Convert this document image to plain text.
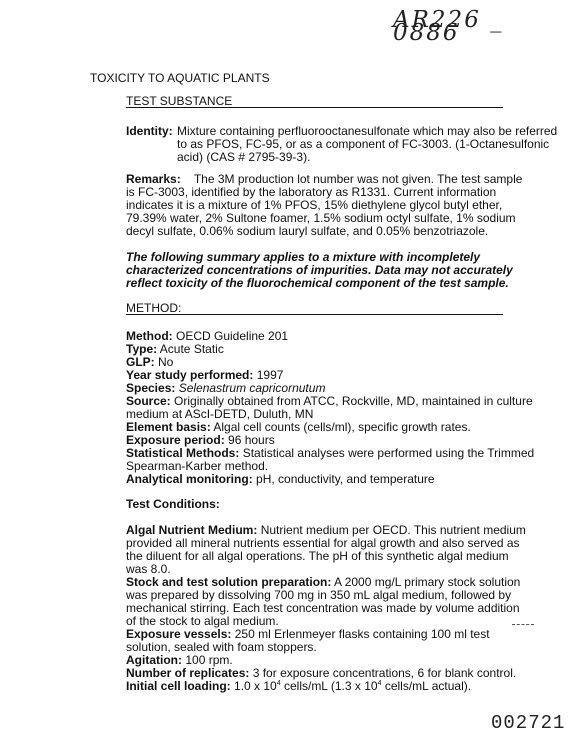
AR226 _ 0886
TOXICITY TO AQUATIC PLANTS
TEST SUBSTANCE
Identity: Mixture containing perfluorooctanesulfonate which may also be referred to as PFOS, FC-95, or as a component of FC-3003. (1-Octanesulfonic acid) (CAS # 2795-39-3).
Remarks: The 3M production lot number was not given. The test sample is FC-3003, identified by the laboratory as R1331. Current information indicates it is a mixture of 1% PFOS, 15% diethylene glycol butyl ether, 79.39% water, 2% Sultone foamer, 1.5% sodium octyl sulfate, 1% sodium decyl sulfate, 0.06% sodium lauryl sulfate, and 0.05% benzotriazole.
The following summary applies to a mixture with incompletely characterized concentrations of impurities. Data may not accurately reflect toxicity of the fluorochemical component of the test sample.
METHOD:
Method: OECD Guideline 201
Type: Acute Static
GLP: No
Year study performed: 1997
Species: Selenastrum capricornutum
Source: Originally obtained from ATCC, Rockville, MD, maintained in culture medium at AScI-DETD, Duluth, MN
Element basis: Algal cell counts (cells/ml), specific growth rates.
Exposure period: 96 hours
Statistical Methods: Statistical analyses were performed using the Trimmed Spearman-Karber method.
Analytical monitoring: pH, conductivity, and temperature
Test Conditions:
Algal Nutrient Medium: Nutrient medium per OECD. This nutrient medium provided all mineral nutrients essential for algal growth and also served as the diluent for all algal operations. The pH of this synthetic algal medium was 8.0.
Stock and test solution preparation: A 2000 mg/L primary stock solution was prepared by dissolving 700 mg in 350 mL algal medium, followed by mechanical stirring. Each test concentration was made by volume addition of the stock to algal medium.
Exposure vessels: 250 ml Erlenmeyer flasks containing 100 ml test solution, sealed with foam stoppers.
Agitation: 100 rpm.
Number of replicates: 3 for exposure concentrations, 6 for blank control.
Initial cell loading: 1.0 x $10^4$ cells/mL (1.3 x $10^4$ cells/mL actual).
002721
